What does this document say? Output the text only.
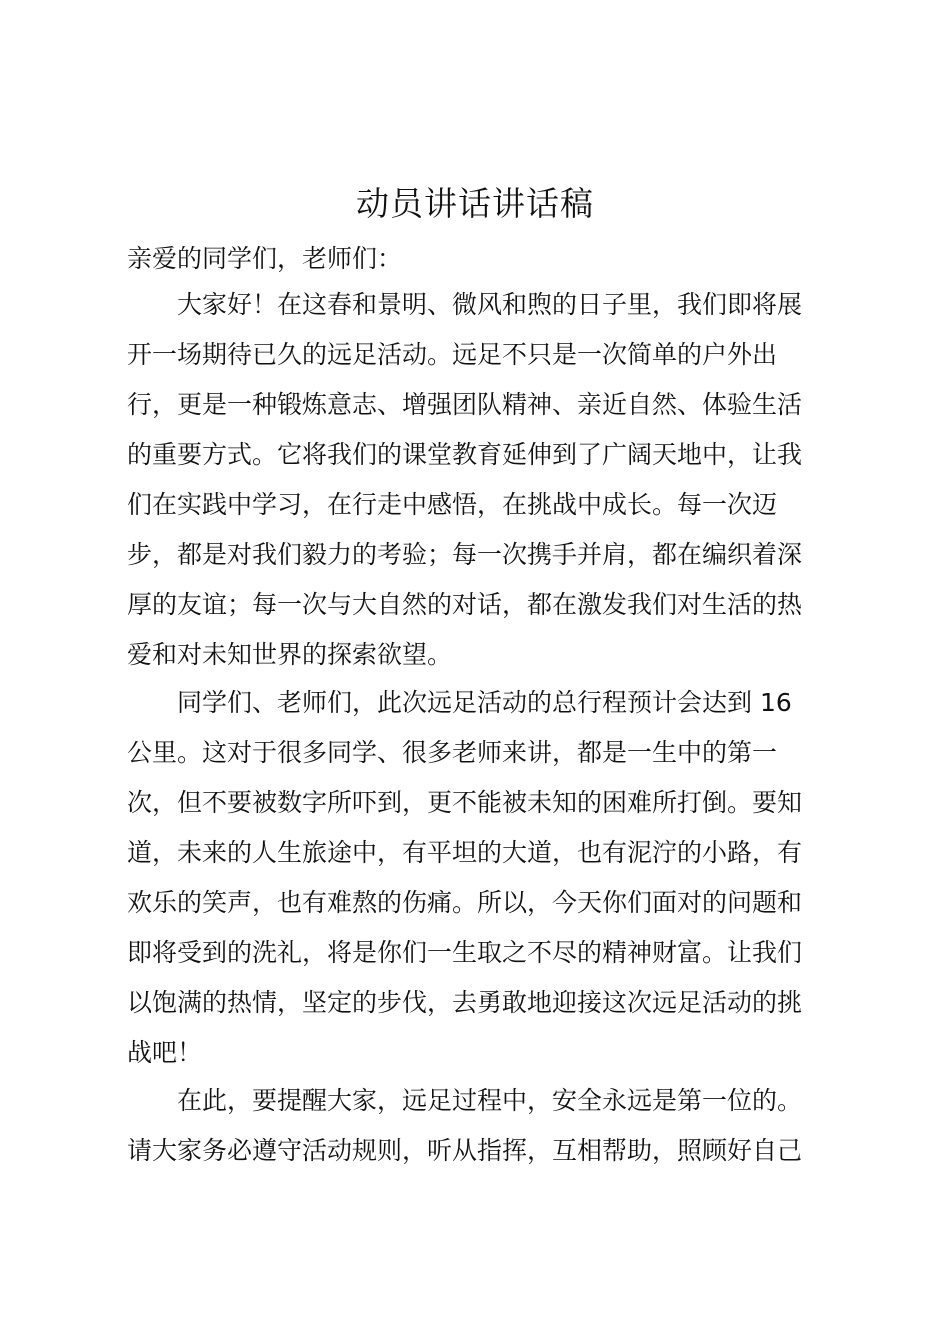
动员讲话讲话稿
亲爱的同学们，老师们：
大家好！在这春和景明、微风和煦的日子里，我们即将展
开一场期待已久的远足活动。远足不只是一次简单的户外出
行，更是一种锻炼意志、增强团队精神、亲近自然、体验生活
的重要方式。它将我们的课堂教育延伸到了广阔天地中，让我
们在实践中学习，在行走中感悟，在挑战中成长。每一次迈
步，都是对我们毅力的考验；每一次携手并肩，都在编织着深
厚的友谊；每一次与大自然的对话，都在激发我们对生活的热
爱和对未知世界的探索欲望。
同学们、老师们，此次远足活动的总行程预计会达到 16
公里。这对于很多同学、很多老师来讲，都是一生中的第一
次，但不要被数字所吓到，更不能被未知的困难所打倒。要知
道，未来的人生旅途中，有平坦的大道，也有泥泞的小路，有
欢乐的笑声，也有难熬的伤痛。所以，今天你们面对的问题和
即将受到的洗礼，将是你们一生取之不尽的精神财富。让我们
以饱满的热情，坚定的步伐，去勇敢地迎接这次远足活动的挑
战吧！
在此，要提醒大家，远足过程中，安全永远是第一位的。
请大家务必遵守活动规则，听从指挥，互相帮助，照顾好自己
